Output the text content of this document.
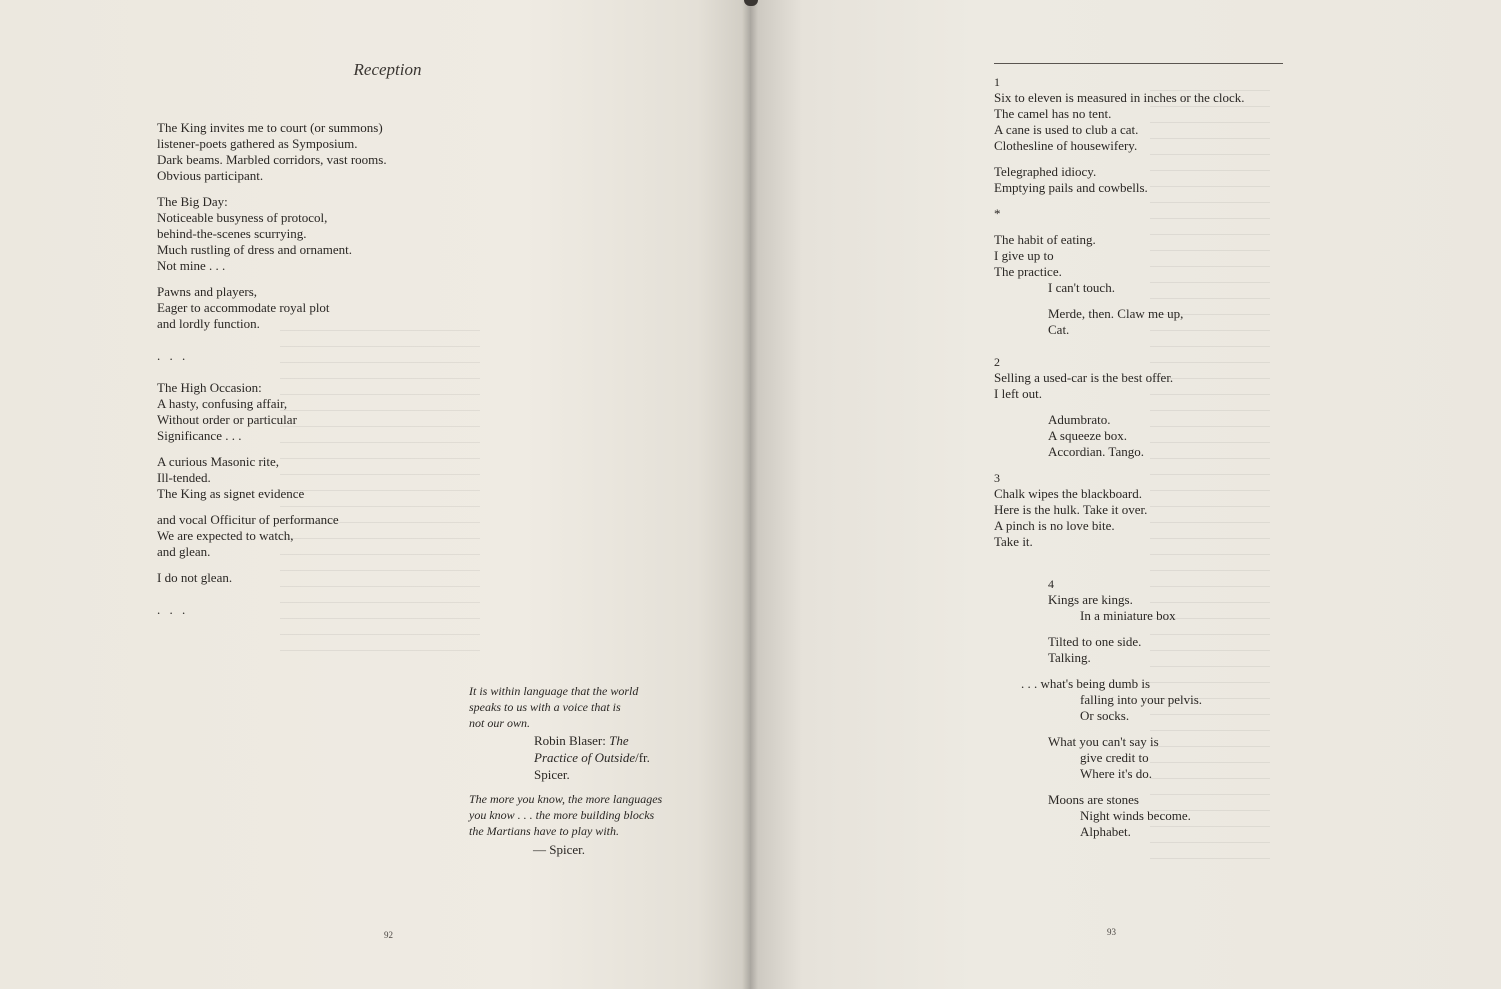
Reception
The King invites me to court (or summons)
listener-poets gathered as Symposium.
Dark beams. Marbled corridors, vast rooms.
Obvious participant.
The Big Day:
Noticeable busyness of protocol,
behind-the-scenes scurrying.
Much rustling of dress and ornament.
Not mine . . .
Pawns and players,
Eager to accommodate royal plot
and lordly function.
. . .
The High Occasion:
A hasty, confusing affair,
Without order or particular
Significance . . .
A curious Masonic rite,
Ill-tended.
The King as signet evidence
and vocal Officitur of performance
We are expected to watch,
and glean.
I do not glean.
. . .
It is within language that the world
speaks to us with a voice that is
not our own.
Robin Blaser: The
Practice of Outside/fr.
Spicer.
The more you know, the more languages
you know . . . the more building blocks
the Martians have to play with.
— Spicer.
92
1
Six to eleven is measured in inches or the clock.
The camel has no tent.
A cane is used to club a cat.
Clothesline of housewifery.
Telegraphed idiocy.
Emptying pails and cowbells.
*
The habit of eating.
I give up to
The practice.
I can't touch.
Merde, then. Claw me up,
Cat.
2
Selling a used-car is the best offer.
I left out.
Adumbrato.
A squeeze box.
Accordian. Tango.
3
Chalk wipes the blackboard.
Here is the hulk. Take it over.
A pinch is no love bite.
Take it.
4
Kings are kings.
In a miniature box
Tilted to one side.
Talking.
. . . what's being dumb is
falling into your pelvis.
Or socks.
What you can't say is
give credit to
Where it's do.
Moons are stones
Night winds become.
Alphabet.
93
